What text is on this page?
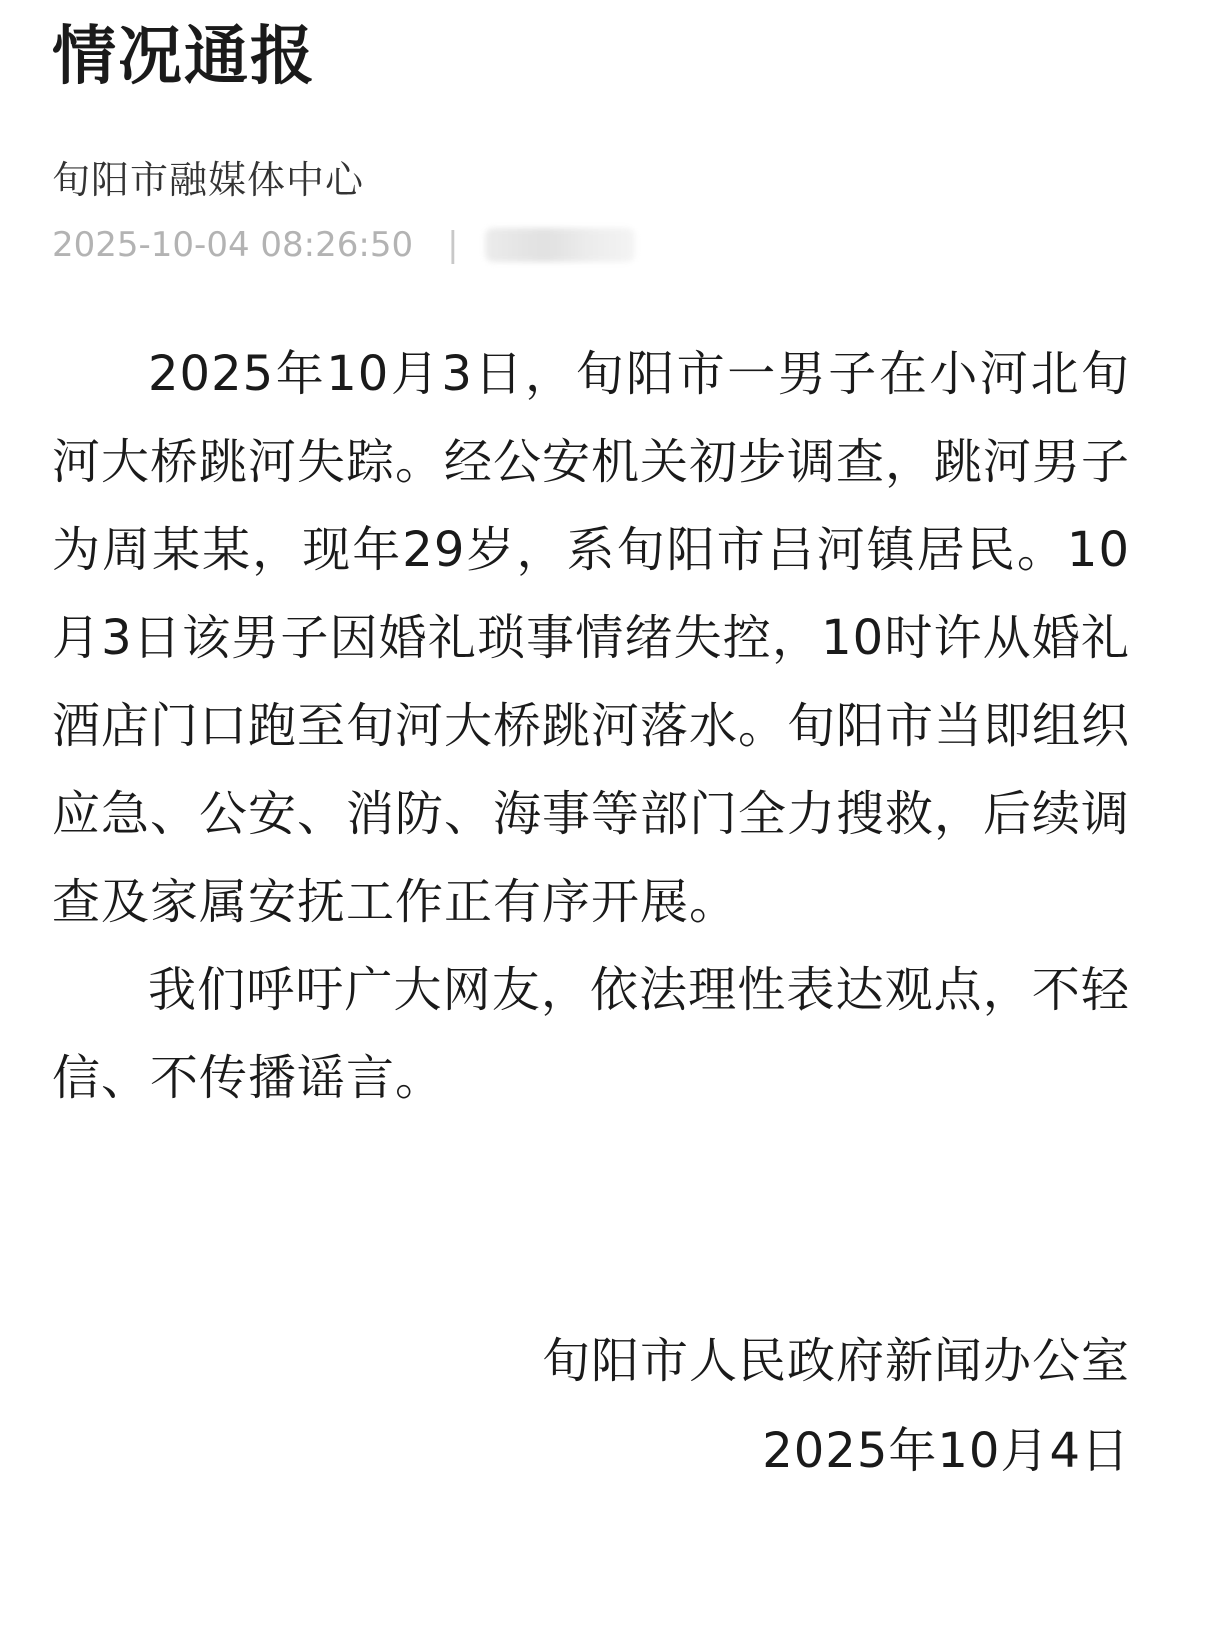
情况通报
旬阳市融媒体中心
2025-10-04 08:26:50 |

2025年10月3日，旬阳市一男子在小河北旬河大桥跳河失踪。经公安机关初步调查，跳河男子为周某某，现年29岁，系旬阳市吕河镇居民。10月3日该男子因婚礼琐事情绪失控，10时许从婚礼酒店门口跑至旬河大桥跳河落水。旬阳市当即组织应急、公安、消防、海事等部门全力搜救，后续调查及家属安抚工作正有序开展。

我们呼吁广大网友，依法理性表达观点，不轻信、不传播谣言。

旬阳市人民政府新闻办公室
2025年10月4日
